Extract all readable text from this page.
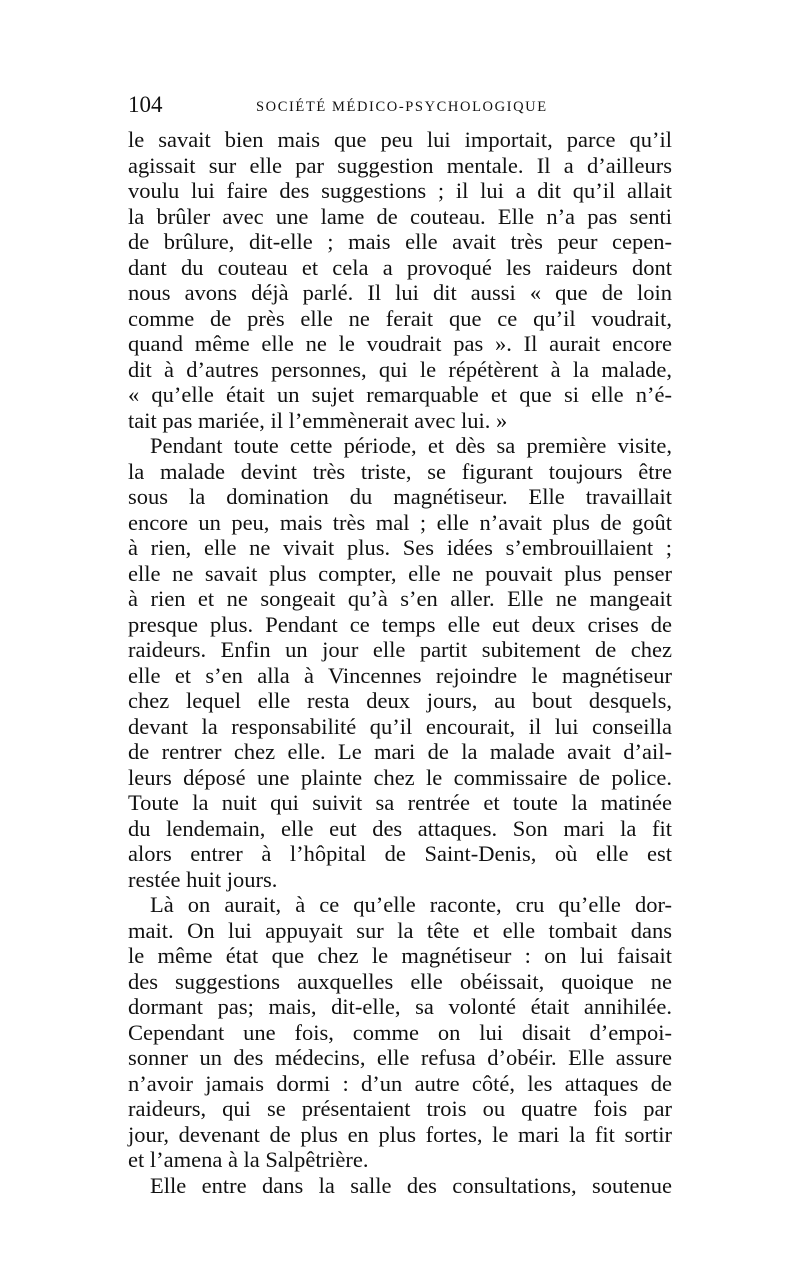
104	SOCIÉTÉ MÉDICO-PSYCHOLOGIQUE
le savait bien mais que peu lui importait, parce qu’il
agissait sur elle par suggestion mentale. Il a d’ailleurs
voulu lui faire des suggestions ; il lui a dit qu’il allait
la brûler avec une lame de couteau. Elle n’a pas senti
de brûlure, dit-elle ; mais elle avait très peur cepen-
dant du couteau et cela a provoqué les raideurs dont
nous avons déjà parlé. Il lui dit aussi « que de loin
comme de près elle ne ferait que ce qu’il voudrait,
quand même elle ne le voudrait pas ». Il aurait encore
dit à d’autres personnes, qui le répétèrent à la malade,
« qu’elle était un sujet remarquable et que si elle n’é-
tait pas mariée, il l’emmènerait avec lui. »
Pendant toute cette période, et dès sa première visite,
la malade devint très triste, se figurant toujours être
sous la domination du magnétiseur. Elle travaillait
encore un peu, mais très mal ; elle n’avait plus de goût
à rien, elle ne vivait plus. Ses idées s’embrouillaient ;
elle ne savait plus compter, elle ne pouvait plus penser
à rien et ne songeait qu’à s’en aller. Elle ne mangeait
presque plus. Pendant ce temps elle eut deux crises de
raideurs. Enfin un jour elle partit subitement de chez
elle et s’en alla à Vincennes rejoindre le magnétiseur
chez lequel elle resta deux jours, au bout desquels,
devant la responsabilité qu’il encourait, il lui conseilla
de rentrer chez elle. Le mari de la malade avait d’ail-
leurs déposé une plainte chez le commissaire de police.
Toute la nuit qui suivit sa rentrée et toute la matinée
du lendemain, elle eut des attaques. Son mari la fit
alors entrer à l’hôpital de Saint-Denis, où elle est
restée huit jours.
Là on aurait, à ce qu’elle raconte, cru qu’elle dor-
mait. On lui appuyait sur la tête et elle tombait dans
le même état que chez le magnétiseur : on lui faisait
des suggestions auxquelles elle obéissait, quoique ne
dormant pas; mais, dit-elle, sa volonté était annihilée.
Cependant une fois, comme on lui disait d’empoi-
sonner un des médecins, elle refusa d’obéir. Elle assure
n’avoir jamais dormi : d’un autre côté, les attaques de
raideurs, qui se présentaient trois ou quatre fois par
jour, devenant de plus en plus fortes, le mari la fit sortir
et l’amena à la Salpêtrière.
Elle entre dans la salle des consultations, soutenue
